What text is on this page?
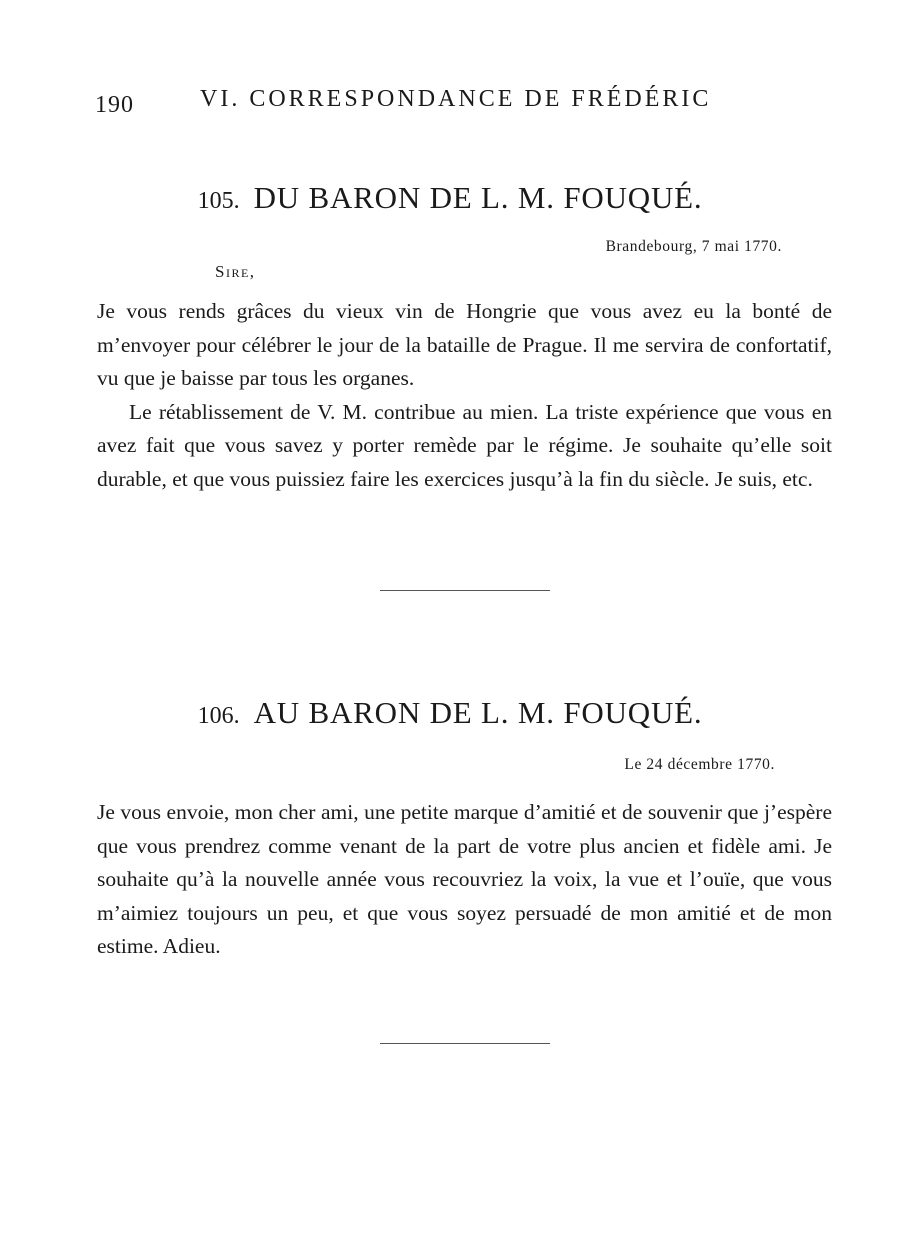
190	VI. CORRESPONDANCE DE FRÉDÉRIC
105. DU BARON DE L. M. FOUQUÉ.
Brandebourg, 7 mai 1770.
Sire,

Je vous rends grâces du vieux vin de Hongrie que vous avez eu la bonté de m’envoyer pour célébrer le jour de la bataille de Prague. Il me servira de confortatif, vu que je baisse par tous les organes.

Le rétablissement de V. M. contribue au mien. La triste expérience que vous en avez fait que vous savez y porter remède par le régime. Je souhaite qu’elle soit durable, et que vous puissiez faire les exercices jusqu’à la fin du siècle. Je suis, etc.

106. AU BARON DE L. M. FOUQUÉ.
Le 24 décembre 1770.

Je vous envoie, mon cher ami, une petite marque d’amitié et de souvenir que j’espère que vous prendrez comme venant de la part de votre plus ancien et fidèle ami. Je souhaite qu’à la nouvelle année vous recouvriez la voix, la vue et l’ouïe, que vous m’aimiez toujours un peu, et que vous soyez persuadé de mon amitié et de mon estime. Adieu.
